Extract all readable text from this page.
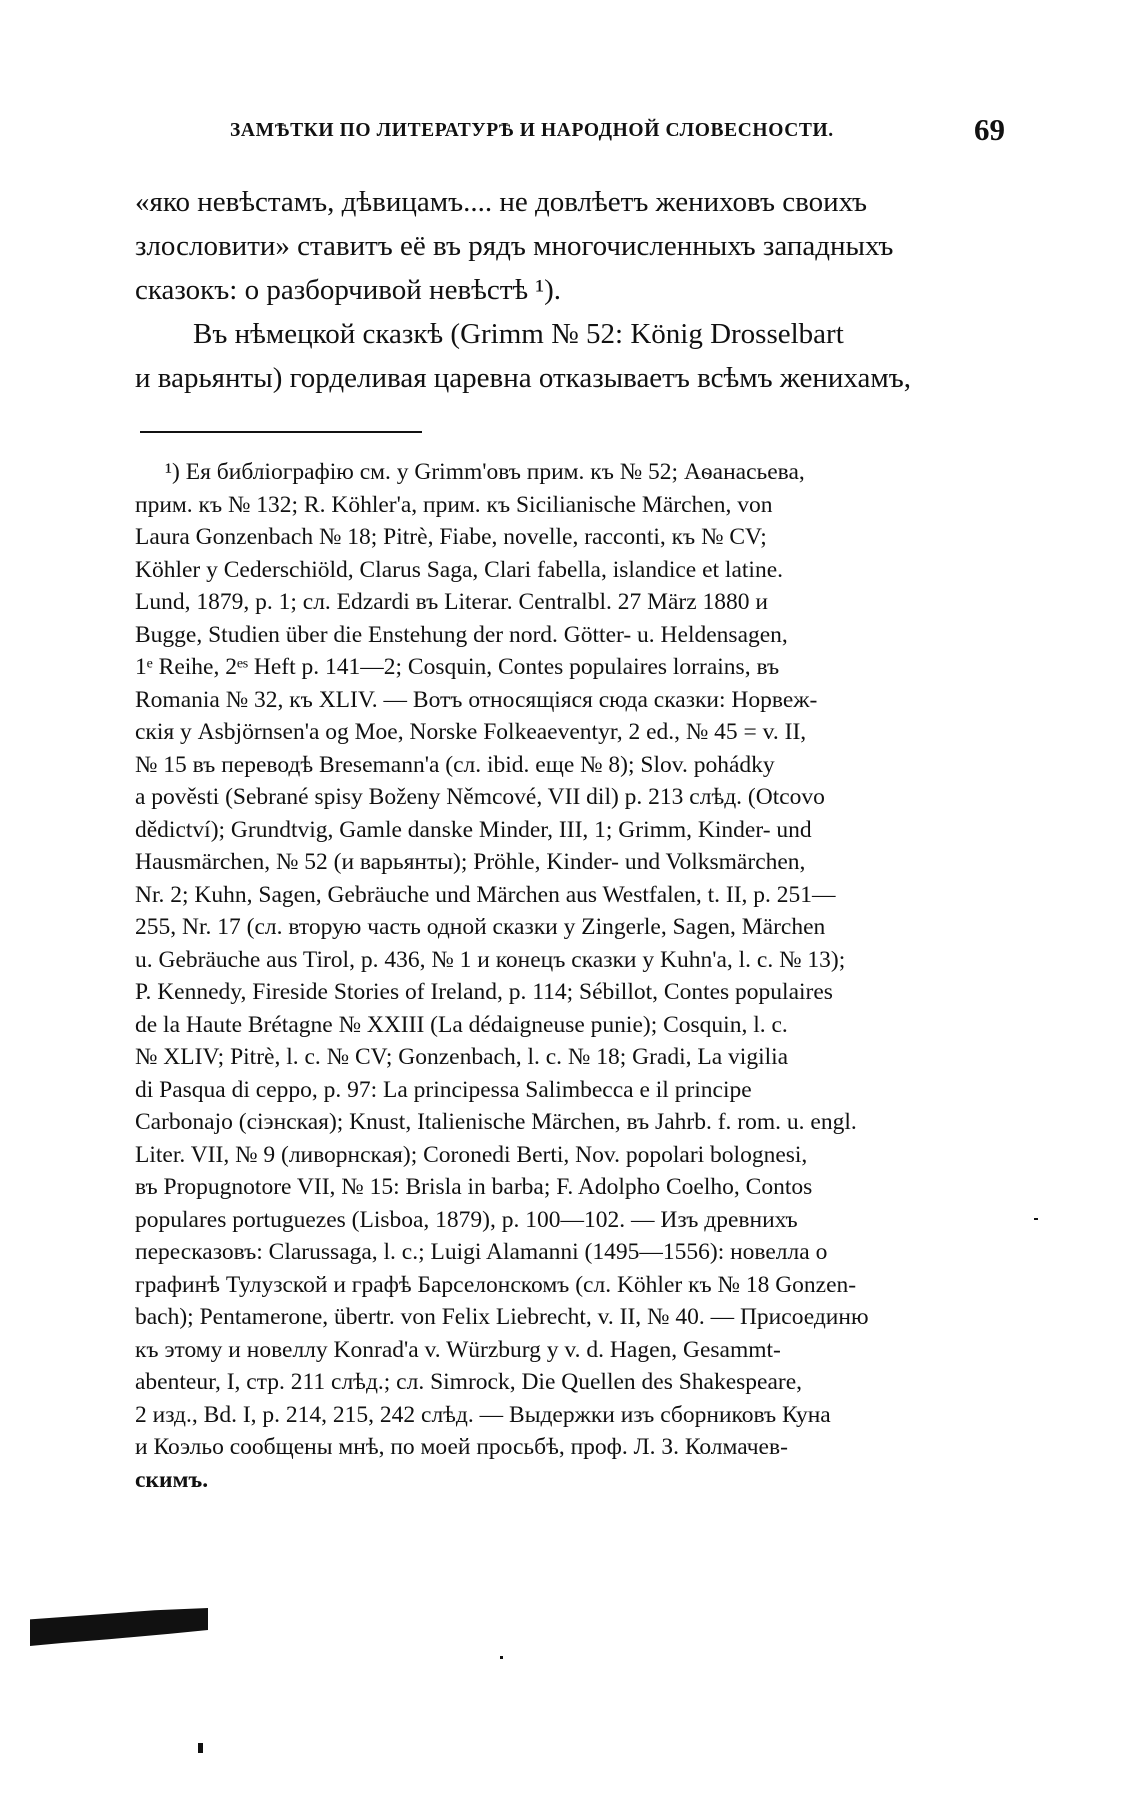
ЗАМѢТКИ ПО ЛИТЕРАТУРѢ И НАРОДНОЙ СЛОВЕСНОСТИ.	69
«яко невѣстамъ, дѣвицамъ.... не довлѣетъ жениховъ своихъ
злословити» ставитъ её въ рядъ многочисленныхъ западныхъ
сказокъ: о разборчивой невѣстѣ ¹).
Въ нѣмецкой сказкѣ (Grimm № 52: König Drosselbart
и варьянты) горделивая царевна отказываетъ всѣмъ женихамъ,
¹) Ея библіографію см. у Grimm'овъ прим. къ № 52; Аѳанасьева,
прим. къ № 132; R. Köhler'а, прим. къ Sicilianische Märchen, von
Laura Gonzenbach № 18; Pitrè, Fiabe, novelle, racconti, къ № CV;
Köhler у Cederschiöld, Clarus Saga, Clari fabella, islandice et latine.
Lund, 1879, p. 1; сл. Edzardi въ Literar. Centralbl. 27 März 1880 и
Bugge, Studien über die Enstehung der nord. Götter- u. Heldensagen,
1ᵉ Reihe, 2ᵉˢ Heft p. 141—2; Cosquin, Contes populaires lorrains, въ
Romania № 32, къ XLIV. — Вотъ относящіяся сюда сказки: Норвеж-
скія у Asbjörnsen'а og Moe, Norske Folkeaeventyr, 2 ed., № 45 = v. II,
№ 15 въ переводѣ Bresemann'а (сл. ibid. еще № 8); Slov. pohádky
a pověsti (Sebrané spisy Boženy Němcové, VII dil) p. 213 слѣд. (Otcovo
dědictví); Grundtvig, Gamle danske Minder, III, 1; Grimm, Kinder- und
Hausmärchen, № 52 (и варьянты); Pröhle, Kinder- und Volksmärchen,
Nr. 2; Kuhn, Sagen, Gebräuche und Märchen aus Westfalen, t. II, p. 251—
255, Nr. 17 (сл. вторую часть одной сказки у Zingerle, Sagen, Märchen
u. Gebräuche aus Tirol, p. 436, № 1 и конецъ сказки у Kuhn'а, l. c. № 13);
P. Kennedy, Fireside Stories of Ireland, p. 114; Sébillot, Contes populaires
de la Haute Brétagne № XXIII (La dédaigneuse punie); Cosquin, l. c.
№ XLIV; Pitrè, l. c. № CV; Gonzenbach, l. c. № 18; Gradi, La vigilia
di Pasqua di ceppo, p. 97: La principessa Salimbecca e il principe
Carbonajo (сіэнская); Knust, Italienische Märchen, въ Jahrb. f. rom. u. engl.
Liter. VII, № 9 (ливорнская); Coronedi Berti, Nov. popolari bolognesi,
въ Propugnotore VII, № 15: Brisla in barba; F. Adolpho Coelho, Contos
populares portuguezes (Lisboa, 1879), p. 100—102. — Изъ древнихъ
пересказовъ: Clarussaga, l. c.; Luigi Alamanni (1495—1556): новелла о
графинѣ Тулузской и графѣ Барселонскомъ (сл. Köhler къ № 18 Gonzen-
bach); Pentamerone, übertr. von Felix Liebrecht, v. II, № 40. — Присоединю
къ этому и новеллу Konrad'а v. Würzburg у v. d. Hagen, Gesammt-
abenteur, I, стр. 211 слѣд.; сл. Simrock, Die Quellen des Shakespeare,
2 изд., Bd. I, p. 214, 215, 242 слѣд. — Выдержки изъ сборниковъ Куна
и Коэльо сообщены мнѣ, по моей просьбѣ, проф. Л. З. Колмачев-
скимъ.
